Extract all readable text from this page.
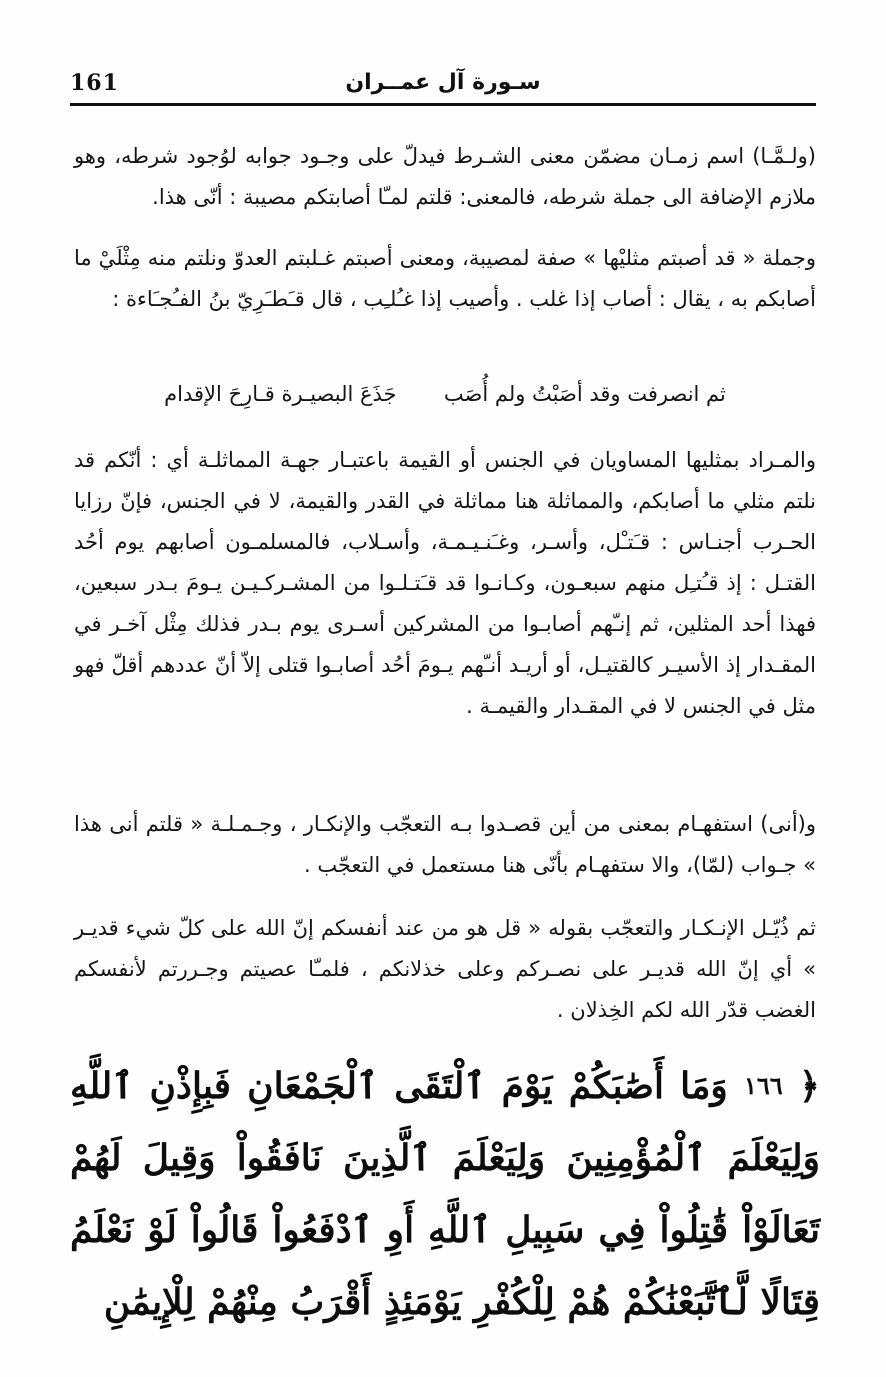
161	سـورة آل عمــران

(ولـمَّـا) اسم زمـان مضمّن معنى الشـرط فيدلّ على وجـود جوابه لوُجود شرطه، وهو ملازم الإضافة الى جملة شرطه، فالمعنى: قلتم لمـّا أصابتكم مصيبة : أنّى هذا.

وجملة « قد أصبتم مثليْها » صفة لمصيبة، ومعنى أصبتم غـلبتم العدوّ ونلتم منه مِثْلَيْ ما أصابكم به ، يقال : أصاب إذا غلب . وأصيب إذا غـُلـِب ، قال قـَطـَرِيّ بنُ الفـُجـَاءة :

ثم انصرفت وقد أصَبْتُ ولم أُصَب  جَذَعَ البصيـرة قـارِحَ الإقدام

والمـراد بمثليها المساويان في الجنس أو القيمة باعتبـار جهـة المماثلـة أي : أنّكم قد نلتم مثلي ما أصابكم، والمماثلة هنا مماثلة في القدر والقيمة، لا في الجنس، فإنّ رزايا الحـرب أجنـاس : قـَتـْل، وأسـر، وغـَنـيـمـة، وأسـلاب، فالمسلمـون أصابهم يوم أحُد القتـل : إذ قـُتـِل منهم سبعـون، وكـانـوا قد قـَتـلـوا من المشـركـيـن يـومَ بـدر سبعين، فهذا أحد المثلين، ثم إنـّهم أصابـوا من المشركين أسـرى يوم بـدر فذلك مِثْل آخـر في المقـدار إذ الأسيـر كالقتيـل، أو أريـد أنـّهم يـومَ أحُد أصابـوا قتلى إلاّ أنّ عددهم أقلّ فهو مثل في الجنس لا في المقـدار والقيمـة .

و(أنى) استفهـام بمعنى من أين قصـدوا بـه التعجّب والإنكـار ، وجـمـلـة « قلتم أنى هذا » جـواب (لمّا)، والا ستفهـام بأنّى هنا مستعمل في التعجّب .

ثم ذُيّـل الإنـكـار والتعجّب بقوله « قل هو من عند أنفسكم إنّ الله على كلّ شيء قديـر » أي إنّ الله قديـر على نصـركم وعلى خذلانكم ، فلمـّا عصيتم وجـررتم لأنفسكم الغضب قدّر الله لكم الخِذلان .

﴿ $^{١٦٦}$ وَمَا أَصَٰبَكُمْ يَوْمَ ٱلْتَقَى ٱلْجَمْعَانِ فَبِإِذْنِ ٱللَّهِ وَلِيَعْلَمَ ٱلْمُؤْمِنِينَ وَلِيَعْلَمَ ٱلَّذِينَ نَافَقُواْ وَقِيلَ لَهُمْ تَعَالَوْاْ قَٰتِلُواْ فِي سَبِيلِ ٱللَّهِ أَوِ ٱدْفَعُواْ قَالُواْ لَوْ نَعْلَمُ قِتَالًا لَّٱتَّبَعْنَٰكُمْ هُمْ لِلْكُفْرِ يَوْمَئِذٍ أَقْرَبُ مِنْهُمْ لِلْإِيمَٰنِ
